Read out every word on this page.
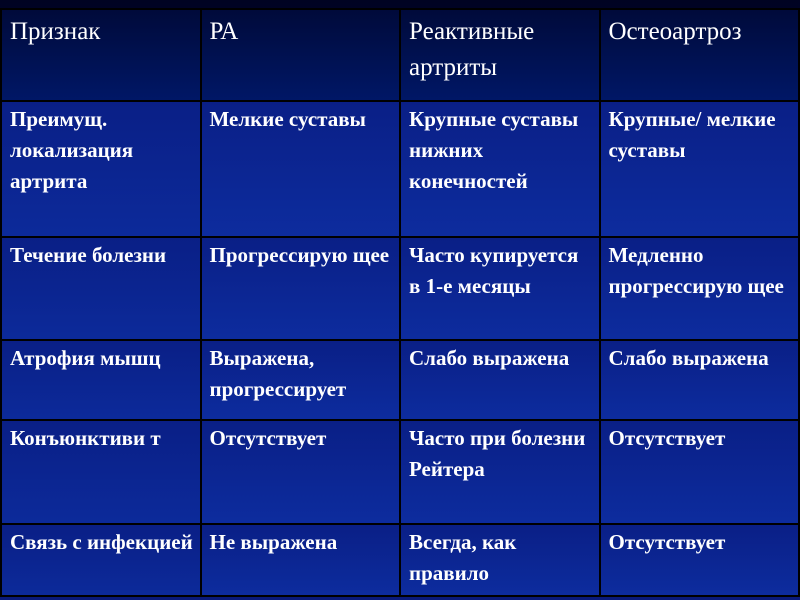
Признак	РА	Реактивные артриты	Остеоартроз
Преимущ. локализация артрита	Мелкие суставы	Крупные суставы нижних конечностей	Крупные/ мелкие суставы
Течение болезни	Прогрессирую щее	Часто купируется в 1-е месяцы	Медленно прогрессирую щее
Атрофия мышц	Выражена, прогрессирует	Слабо выражена	Слабо выражена
Конъюнктиви т	Отсутствует	Часто при болезни Рейтера	Отсутствует
Связь с инфекцией	Не выражена	Всегда, как правило	Отсутствует
